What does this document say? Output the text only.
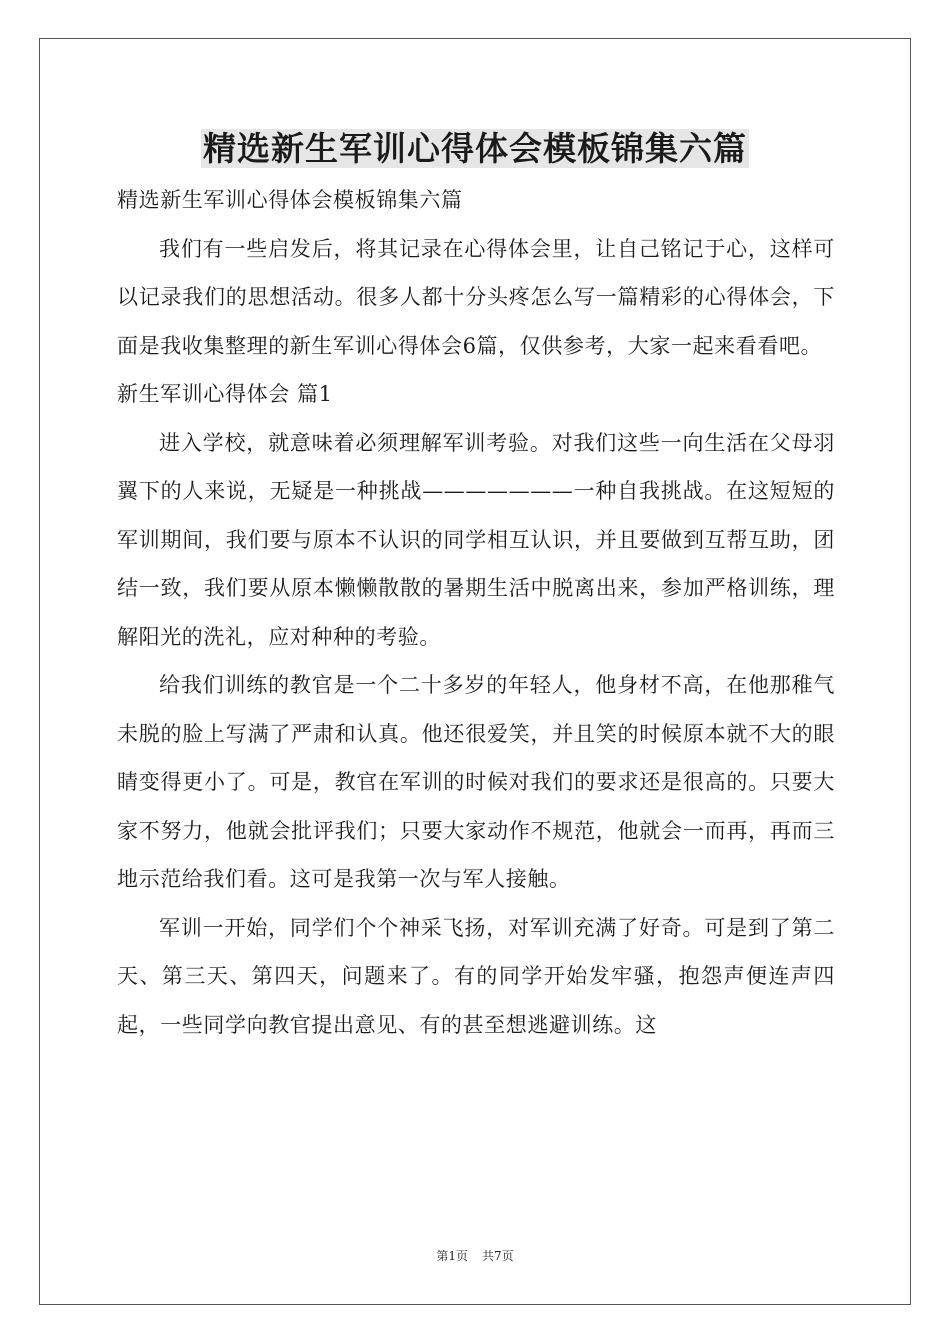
精选新生军训心得体会模板锦集六篇

精选新生军训心得体会模板锦集六篇

我们有一些启发后，将其记录在心得体会里，让自己铭记于心，这样可以记录我们的思想活动。很多人都十分头疼怎么写一篇精彩的心得体会，下面是我收集整理的新生军训心得体会6篇，仅供参考，大家一起来看看吧。

新生军训心得体会 篇1

进入学校，就意味着必须理解军训考验。对我们这些一向生活在父母羽翼下的人来说，无疑是一种挑战———————一种自我挑战。在这短短的军训期间，我们要与原本不认识的同学相互认识，并且要做到互帮互助，团结一致，我们要从原本懒懒散散的暑期生活中脱离出来，参加严格训练，理解阳光的洗礼，应对种种的考验。

给我们训练的教官是一个二十多岁的年轻人，他身材不高，在他那稚气未脱的脸上写满了严肃和认真。他还很爱笑，并且笑的时候原本就不大的眼睛变得更小了。可是，教官在军训的时候对我们的要求还是很高的。只要大家不努力，他就会批评我们；只要大家动作不规范，他就会一而再，再而三地示范给我们看。这可是我第一次与军人接触。

军训一开始，同学们个个神采飞扬，对军训充满了好奇。可是到了第二天、第三天、第四天，问题来了。有的同学开始发牢骚，抱怨声便连声四起，一些同学向教官提出意见、有的甚至想逃避训练。这

第1页 共7页
